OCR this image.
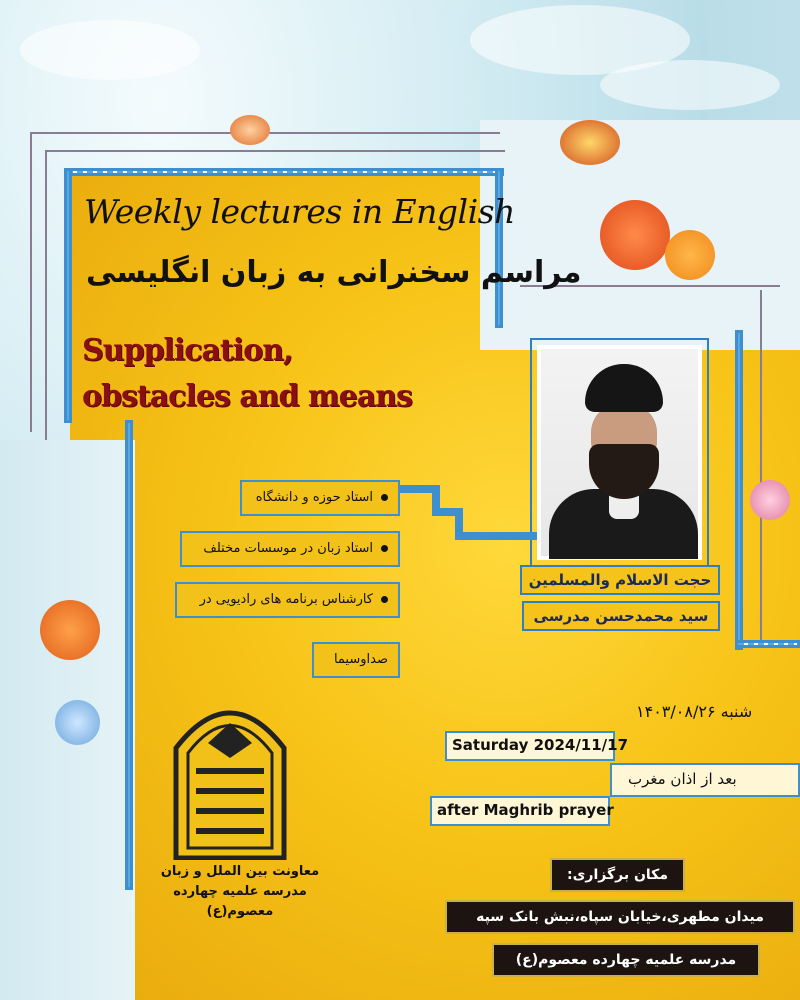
Weekly lectures in English
مراسم سخنرانی به زبان انگلیسی
Supplication,
obstacles and means
حجت الاسلام والمسلمین
سید محمدحسن مدرسی
استاد حوزه و دانشگاه
استاد زبان در موسسات مختلف
کارشناس برنامه های رادیویی در
صداوسیما
شنبه ۱۴۰۳/۰۸/۲۶
Saturday 2024/11/17
بعد از اذان مغرب
after Maghrib prayer
مکان برگزاری:
میدان مطهری،خیابان سپاه،نبش بانک سپه
مدرسه علمیه چهارده معصوم(ع)
معاونت بین الملل و زبان
مدرسه علمیه چهارده معصوم(ع)
